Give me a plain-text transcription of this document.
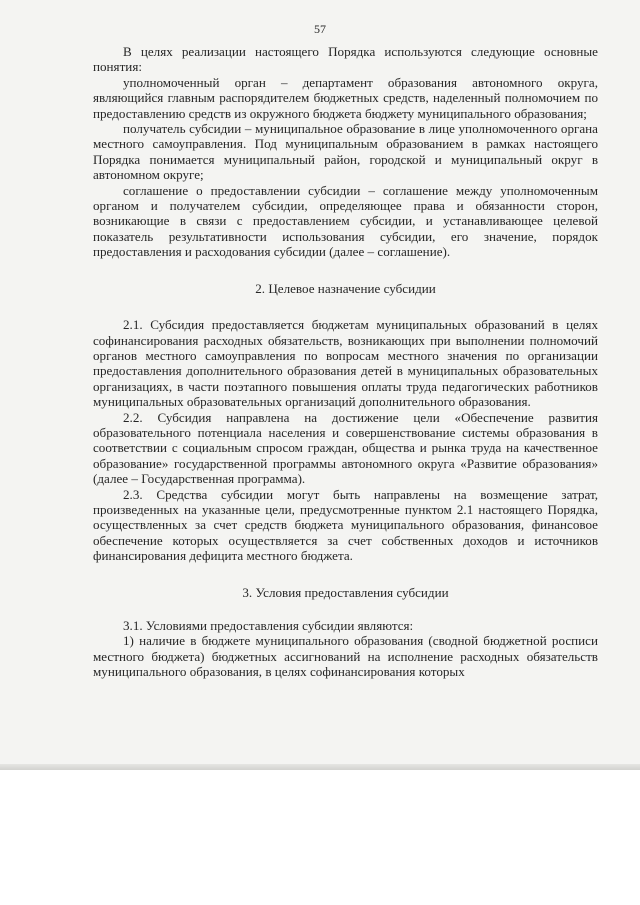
57

В целях реализации настоящего Порядка используются следующие основные понятия:

уполномоченный орган – департамент образования автономного округа, являющийся главным распорядителем бюджетных средств, наделенный полномочием по предоставлению средств из окружного бюджета бюджету муниципального образования;

получатель субсидии – муниципальное образование в лице уполномоченного органа местного самоуправления. Под муниципальным образованием в рамках настоящего Порядка понимается муниципальный район, городской и муниципальный округ в автономном округе;

соглашение о предоставлении субсидии – соглашение между уполномоченным органом и получателем субсидии, определяющее права и обязанности сторон, возникающие в связи с предоставлением субсидии, и устанавливающее целевой показатель результативности использования субсидии, его значение, порядок предоставления и расходования субсидии (далее – соглашение).

2. Целевое назначение субсидии

2.1. Субсидия предоставляется бюджетам муниципальных образований в целях софинансирования расходных обязательств, возникающих при выполнении полномочий органов местного самоуправления по вопросам местного значения по организации предоставления дополнительного образования детей в муниципальных образовательных организациях, в части поэтапного повышения оплаты труда педагогических работников муниципальных образовательных организаций дополнительного образования.

2.2. Субсидия направлена на достижение цели «Обеспечение развития образовательного потенциала населения и совершенствование системы образования в соответствии с социальным спросом граждан, общества и рынка труда на качественное образование» государственной программы автономного округа «Развитие образования» (далее – Государственная программа).

2.3. Средства субсидии могут быть направлены на возмещение затрат, произведенных на указанные цели, предусмотренные пунктом 2.1 настоящего Порядка, осуществленных за счет средств бюджета муниципального образования, финансовое обеспечение которых осуществляется за счет собственных доходов и источников финансирования дефицита местного бюджета.

3. Условия предоставления субсидии

3.1. Условиями предоставления субсидии являются:

1) наличие в бюджете муниципального образования (сводной бюджетной росписи местного бюджета) бюджетных ассигнований на исполнение расходных обязательств муниципального образования, в целях софинансирования которых
